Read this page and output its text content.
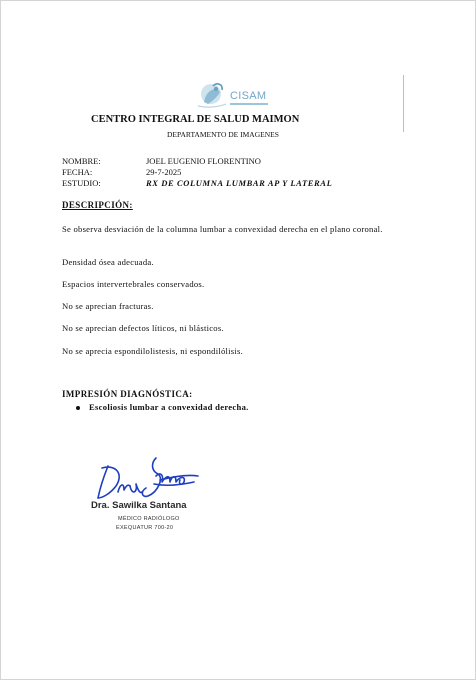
CISAM
CENTRO INTEGRAL DE SALUD MAIMON
DEPARTAMENTO DE IMAGENES
NOMBRE:	JOEL EUGENIO FLORENTINO
FECHA:	29-7-2025
ESTUDIO:	RX DE COLUMNA LUMBAR AP Y LATERAL
DESCRIPCIÓN:
Se observa desviación de la columna lumbar a convexidad derecha en el plano coronal.
Densidad ósea adecuada.
Espacios intervertebrales conservados.
No se aprecian fracturas.
No se aprecian defectos líticos, ni blásticos.
No se aprecia espondilolistesis, ni espondilólisis.
IMPRESIÓN DIAGNÓSTICA:
Escoliosis lumbar a convexidad derecha.
Dra. Sawilka Santana
MÉDICO RADIÓLOGO
EXEQUATUR 700-20
